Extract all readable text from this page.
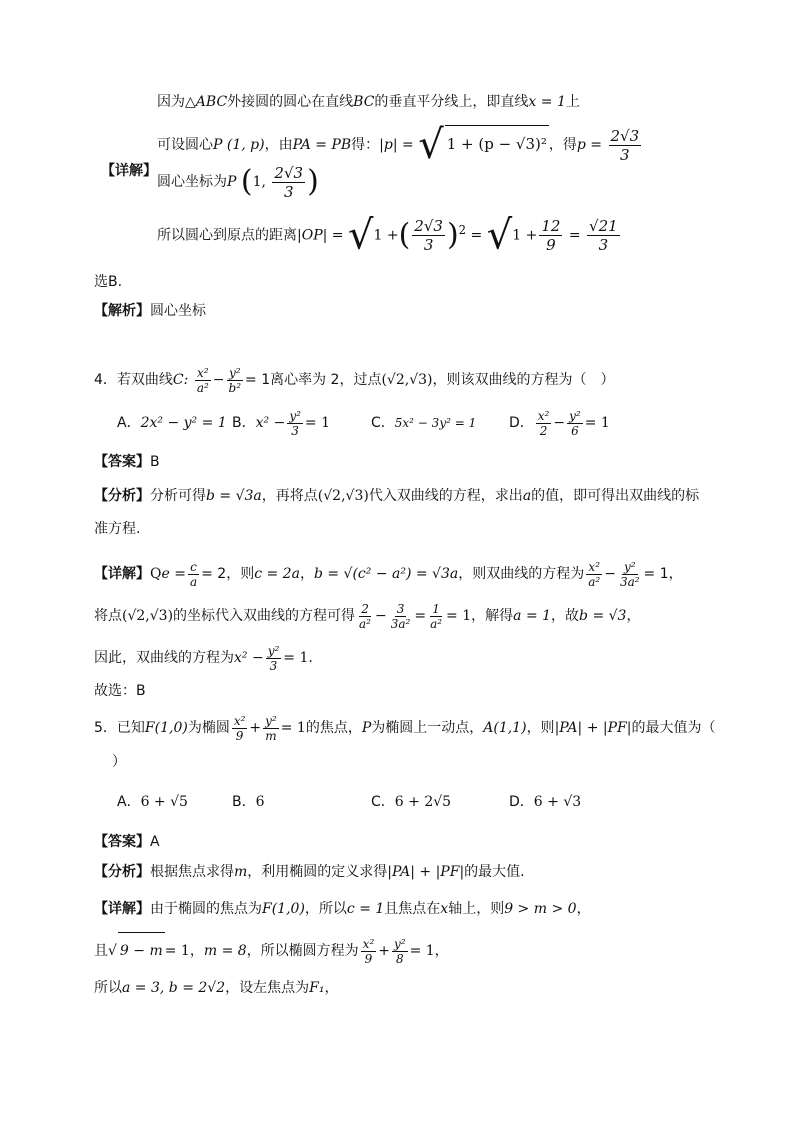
因为△ABC外接圆的圆心在直线BC的垂直平分线上，即直线x = 1上
可设圆心P (1, p)，由PA = PB得：|p| = √ 1 + (p − √3)² ，得$p = \frac{2√3}{3}$
【详解】
圆心坐标为P (1, $\frac{2√3}{3}$ )
所以圆心到原点的距离|OP| = √1 +( $\frac{2√3}{3} )^2 = √1 + \frac{12}{9} = \frac{√21}{3}$
选B.
【解析】圆心坐标
4．若双曲线C: $\frac{\text{x²}}{\text{a²}} - \frac{\text{y²}}{\text{b²}} = 1$离心率为 2，过点(√2,√3)，则该双曲线的方程为（　）
A．2x² − y² = 1 B．$x^2 - \frac{\text{y²}}{3} = 1$	C．5x² − 3y² = 1 D． $\frac{\text{x²}}{2} - \frac{\text{y²}}{6} = 1$
【答案】B
【分析】分析可得b = √3a，再将点(√2,√3)代入双曲线的方程，求出a的值，即可得出双曲线的标
准方程.
【详解】$Qe = \frac{c}{a} = 2$，则c = 2a，b = √(c² − a²) = √3a，则双曲线的方程为 $\frac{\text{x²}}{\text{a²}} - \frac{\text{y²}}{\text{3a²}} = 1$，
将点(√2,√3)的坐标代入双曲线的方程可得 $\frac{2}{\text{a²}} - \frac{3}{\text{3a²}} = \frac{1}{\text{a²}} = 1$，解得a = 1，故b = √3，
因此，双曲线的方程为$x^2 - \frac{\text{y²}}{3} = 1$.
故选：B
5．已知F(1,0)为椭圆 $\frac{\text{x²}}{9} + \frac{\text{y²}}{m} = 1$的焦点，P为椭圆上一动点，A(1,1)，则|PA| + |PF|的最大值为（
）
A．6 + √5	B．6	C．6 + 2√5	D．6 + √3
【答案】A
【分析】根据焦点求得m，利用椭圆的定义求得|PA| + |PF|的最大值.
【详解】由于椭圆的焦点为F(1,0)，所以c = 1且焦点在x轴上，则9 > m > 0，
且√ 9 − m = 1，m = 8，所以椭圆方程为 $\frac{\text{x²}}{9} + \frac{\text{y²}}{8} = 1$，
所以a = 3, b = 2√2，设左焦点为F₁，
